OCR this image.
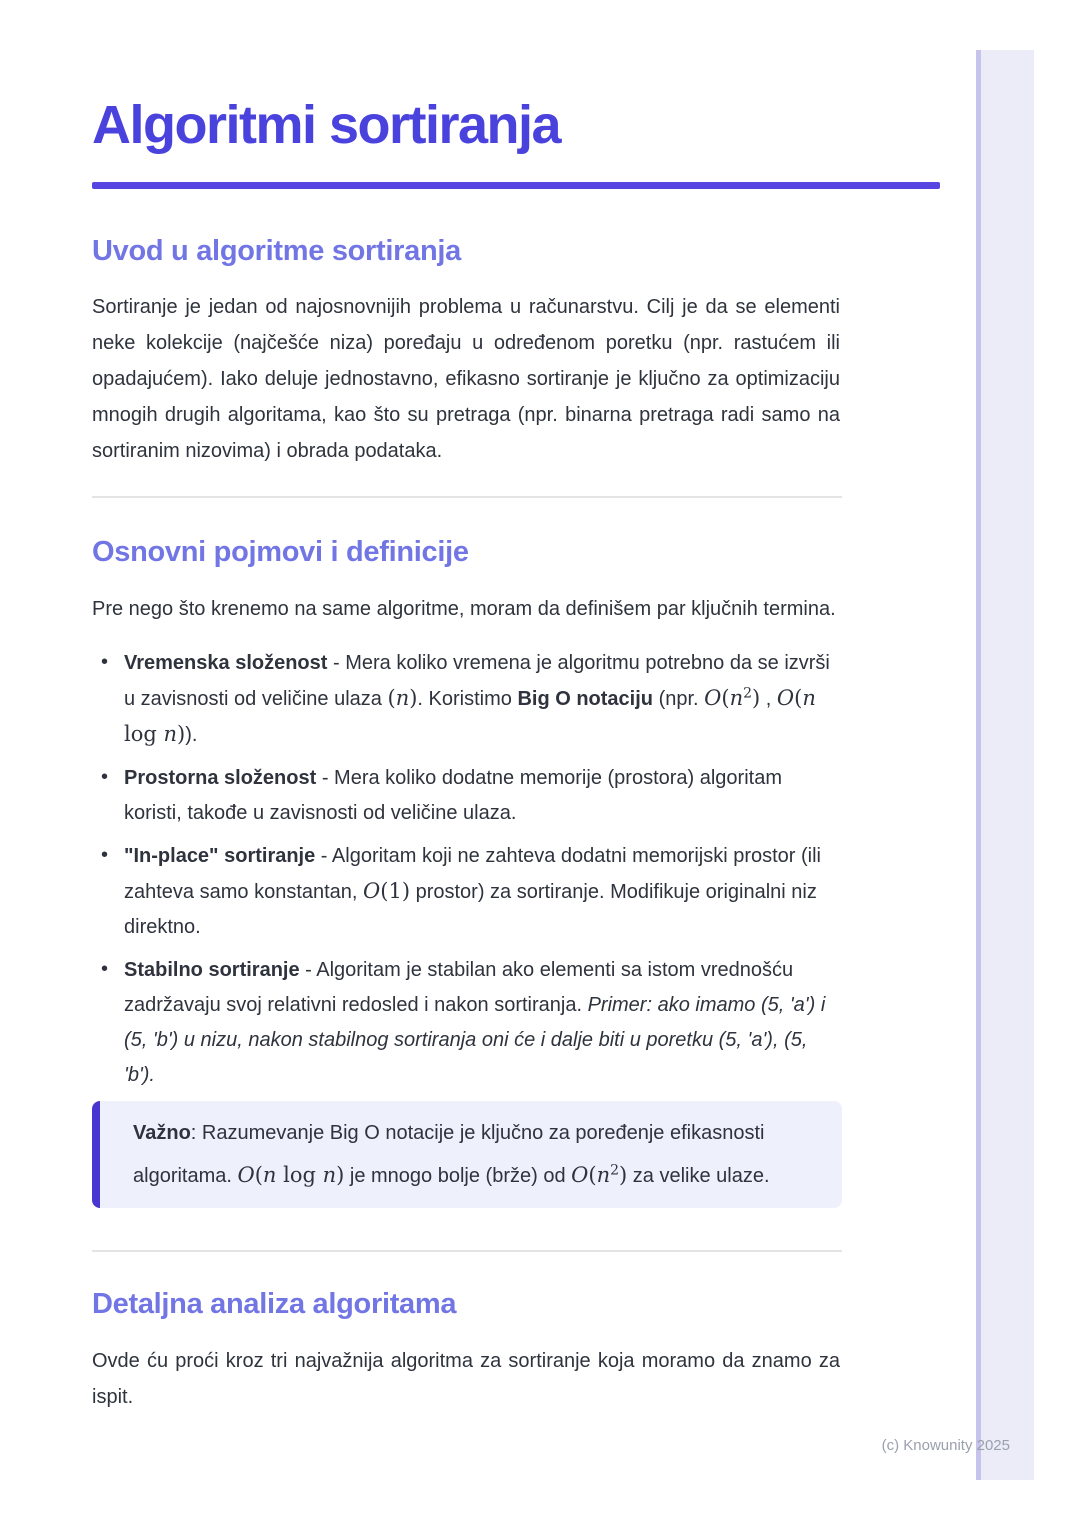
Algoritmi sortiranja
Uvod u algoritme sortiranja

Sortiranje je jedan od najosnovnijih problema u računarstvu. Cilj je da se elementi neke kolekcije (najčešće niza) poređaju u određenom poretku (npr. rastućem ili opadajućem). Iako deluje jednostavno, efikasno sortiranje je ključno za optimizaciju mnogih drugih algoritama, kao što su pretraga (npr. binarna pretraga radi samo na sortiranim nizovima) i obrada podataka.

Osnovni pojmovi i definicije

Pre nego što krenemo na same algoritme, moram da definišem par ključnih termina.

• Vremenska složenost - Mera koliko vremena je algoritmu potrebno da se izvrši u zavisnosti od veličine ulaza (n). Koristimo Big O notaciju (npr. $O(n^2)$ , O(n log n)).
• Prostorna složenost - Mera koliko dodatne memorije (prostora) algoritam koristi, takođe u zavisnosti od veličine ulaza.
• "In-place" sortiranje - Algoritam koji ne zahteva dodatni memorijski prostor (ili zahteva samo konstantan, O(1) prostor) za sortiranje. Modifikuje originalni niz direktno.
• Stabilno sortiranje - Algoritam je stabilan ako elementi sa istom vrednošću zadržavaju svoj relativni redosled i nakon sortiranja. Primer: ako imamo (5, 'a') i (5, 'b') u nizu, nakon stabilnog sortiranja oni će i dalje biti u poretku (5, 'a'), (5, 'b').
Važno: Razumevanje Big O notacije je ključno za poređenje efikasnosti algoritama. O(n log n) je mnogo bolje (brže) od $O(n^2)$ za velike ulaze.
Detaljna analiza algoritama

Ovde ću proći kroz tri najvažnija algoritma za sortiranje koja moramo da znamo za ispit.

(c) Knowunity 2025
